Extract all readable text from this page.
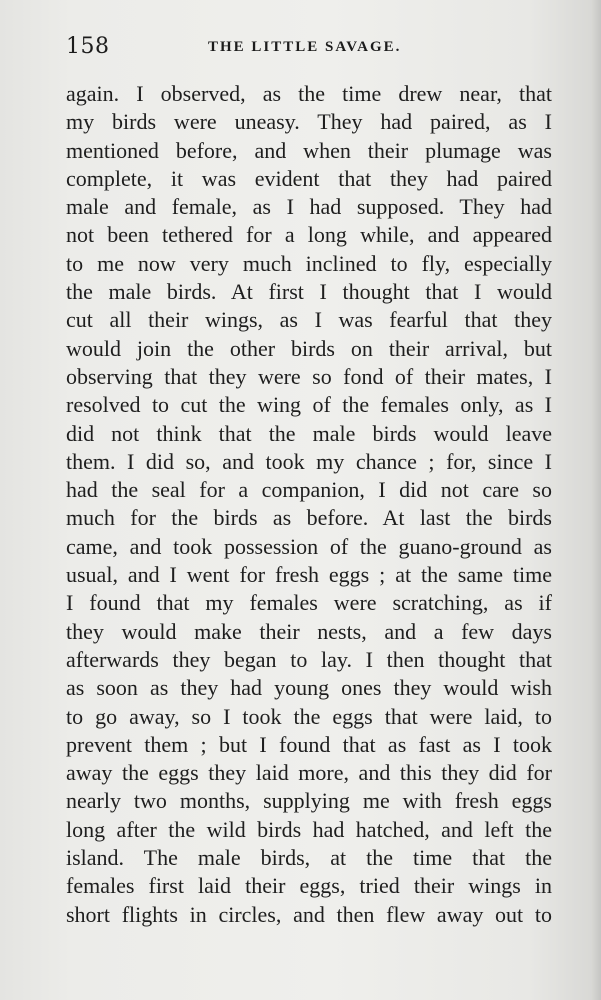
158	THE LITTLE SAVAGE.
again. I observed, as the time drew near, that
my birds were uneasy. They had paired, as I
mentioned before, and when their plumage was
complete, it was evident that they had paired
male and female, as I had supposed. They had
not been tethered for a long while, and appeared
to me now very much inclined to fly, especially
the male birds. At first I thought that I would
cut all their wings, as I was fearful that they
would join the other birds on their arrival, but
observing that they were so fond of their mates, I
resolved to cut the wing of the females only, as I
did not think that the male birds would leave
them. I did so, and took my chance ; for, since I
had the seal for a companion, I did not care so
much for the birds as before. At last the birds
came, and took possession of the guano-ground as
usual, and I went for fresh eggs ; at the same time
I found that my females were scratching, as if
they would make their nests, and a few days
afterwards they began to lay. I then thought that
as soon as they had young ones they would wish
to go away, so I took the eggs that were laid, to
prevent them ; but I found that as fast as I took
away the eggs they laid more, and this they did for
nearly two months, supplying me with fresh eggs
long after the wild birds had hatched, and left the
island. The male birds, at the time that the
females first laid their eggs, tried their wings in
short flights in circles, and then flew away out to
